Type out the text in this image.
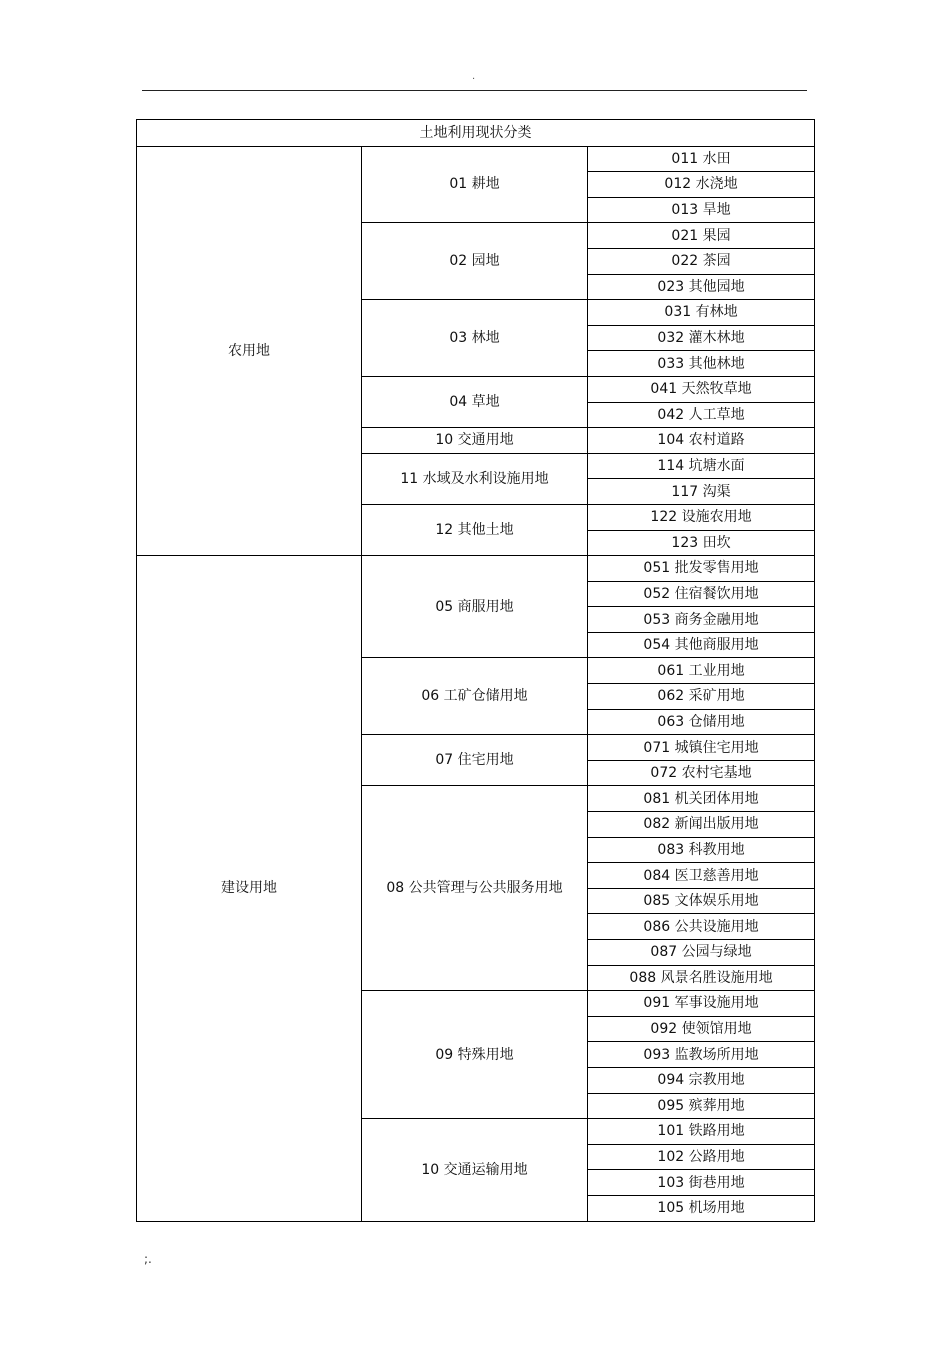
·
土地利用现状分类		
农用地	01 耕地	011 水田
		012 水浇地
		013 旱地
	02 园地	021 果园
		022 茶园
		023 其他园地
	03 林地	031 有林地
		032 灌木林地
		033 其他林地
	04 草地	041 天然牧草地
		042 人工草地
	10 交通用地	104 农村道路
	11 水域及水利设施用地	114 坑塘水面
		117 沟渠
	12 其他土地	122 设施农用地
		123 田坎
建设用地	05 商服用地	051 批发零售用地
		052 住宿餐饮用地
		053 商务金融用地
		054 其他商服用地
	06 工矿仓储用地	061 工业用地
		062 采矿用地
		063 仓储用地
	07 住宅用地	071 城镇住宅用地
		072 农村宅基地
	08 公共管理与公共服务用地	081 机关团体用地
		082 新闻出版用地
		083 科教用地
		084 医卫慈善用地
		085 文体娱乐用地
		086 公共设施用地
		087 公园与绿地
		088 风景名胜设施用地
	09 特殊用地	091 军事设施用地
		092 使领馆用地
		093 监教场所用地
		094 宗教用地
		095 殡葬用地
	10 交通运输用地	101 铁路用地
		102 公路用地
		103 街巷用地
		105 机场用地
;.
